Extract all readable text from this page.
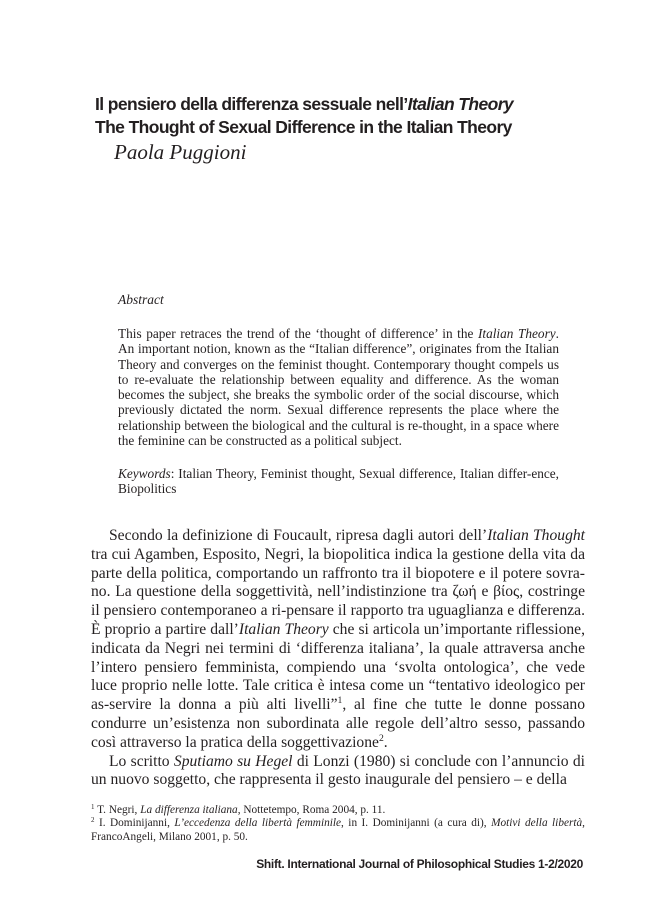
Il pensiero della differenza sessuale nell’Italian Theory
The Thought of Sexual Difference in the Italian Theory
Paola Puggioni
Abstract
This paper retraces the trend of the ‘thought of difference’ in the Italian Theory. An important notion, known as the “Italian difference”, originates from the Italian Theory and converges on the feminist thought. Contemporary thought compels us to re-evaluate the relationship between equality and difference. As the woman becomes the subject, she breaks the symbolic order of the social discourse, which previously dictated the norm. Sexual difference represents the place where the relationship between the biological and the cultural is re-thought, in a space where the feminine can be constructed as a political subject.
Keywords: Italian Theory, Feminist thought, Sexual difference, Italian differ-ence, Biopolitics

Secondo la definizione di Foucault, ripresa dagli autori dell’Italian Thought tra cui Agamben, Esposito, Negri, la biopolitica indica la gestione della vita da parte della politica, comportando un raffronto tra il biopotere e il potere sovra-no. La questione della soggettività, nell’indistinzione tra ζωή e βίος, costringe il pensiero contemporaneo a ri-pensare il rapporto tra uguaglianza e differenza. È proprio a partire dall’Italian Theory che si articola un’importante riflessione, indicata da Negri nei termini di ‘differenza italiana’, la quale attraversa anche l’intero pensiero femminista, compiendo una ‘svolta ontologica’, che vede luce proprio nelle lotte. Tale critica è intesa come un “tentativo ideologico per as-servire la donna a più alti livelli”$^1$, al fine che tutte le donne possano condurre un’esistenza non subordinata alle regole dell’altro sesso, passando così attraverso la pratica della soggettivazione$^2$.

Lo scritto Sputiamo su Hegel di Lonzi (1980) si conclude con l’annuncio di un nuovo soggetto, che rappresenta il gesto inaugurale del pensiero – e della

$^1$ T. Negri, La differenza italiana, Nottetempo, Roma 2004, p. 11.

$^2$ I. Dominijanni, L’eccedenza della libertà femminile, in I. Dominijanni (a cura di), Motivi della libertà, FrancoAngeli, Milano 2001, p. 50.

Shift. International Journal of Philosophical Studies 1-2/2020
